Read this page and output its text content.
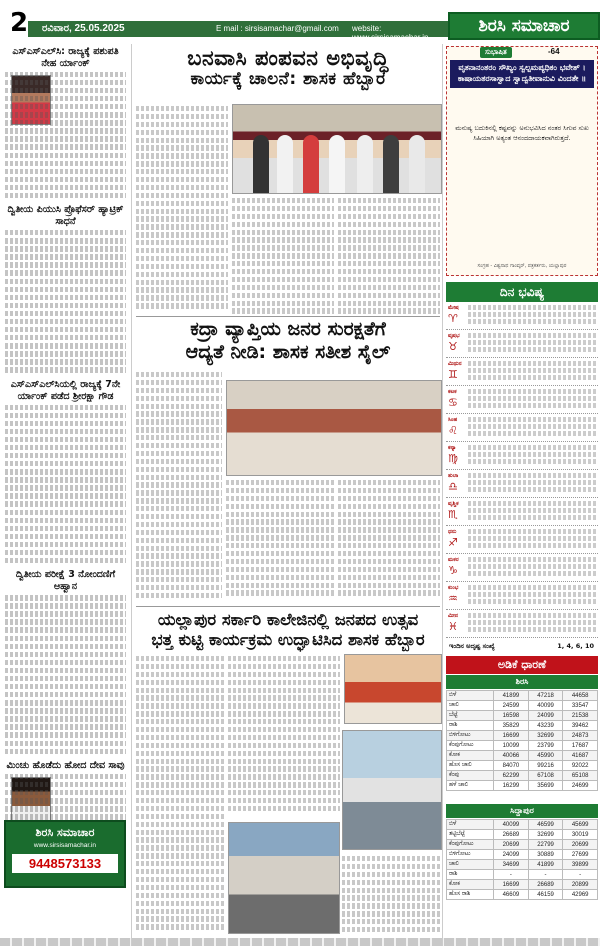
2 ರವಿವಾರ, 25.05.2025	E mail : sirsisamachar@gmail.com website: www.sirsisamachar.in
ಶಿರಸಿ ಸಮಾಚಾರ
ಎಸ್ಎಸ್ಎಲ್‌ಸಿ: ರಾಜ್ಯಕ್ಕೆ ಪಶುಪತಿ ನೇಹ ರ್ಯಾಂಕ್
ದ್ವಿತೀಯ ಪಿಯುಸಿ ಪ್ರೊಫೆಸರ್ ಹ್ಯಾಟ್ರಿಕ್ ಸಾಧನೆ
ಎಸ್ಎಸ್ಎಲ್‌ಸಿಯಲ್ಲಿ ರಾಜ್ಯಕ್ಕೆ 7ನೇ ರ್ಯಾಂಕ್ ಪಡೆದ ಶ್ರೀರಕ್ಷಾ ಗೌಡ
ದ್ವಿತೀಯ ಪರೀಕ್ಷೆ 3 ನೋಂದಣಿಗೆ ಆಹ್ವಾನ
ಮಿಂಚು ಹೊಡೆದು ಹೋದ ದೇವ ಸಾವು
ಶಿರಸಿ ಸಮಾಚಾರ
www.sirsisamachar.in
9448573133
ಬನವಾಸಿ ಪಂಪವನ ಅಭಿವೃದ್ಧಿ
ಕಾರ್ಯಕ್ಕೆ ಚಾಲನೆ: ಶಾಸಕ ಹೆಬ್ಬಾರ
ಕದ್ರಾ ವ್ಯಾಪ್ತಿಯ ಜನರ ಸುರಕ್ಷತೆಗೆ
ಆದ್ಯತೆ ನೀಡಿ: ಶಾಸಕ ಸತೀಶ ಸೈಲ್
ಯಲ್ಲಾಪುರ ಸರ್ಕಾರಿ ಕಾಲೇಜಿನಲ್ಲಿ ಜನಪದ ಉತ್ಸವ
ಭತ್ತ ಕುಟ್ಟಿ ಕಾರ್ಯಕ್ರಮ ಉದ್ಘಾಟಿಸಿದ ಶಾಸಕ ಹೆಬ್ಬಾರ
ಸುಭಾಷಿತ	-64
ವೃತನಾನಂತರಂ ಸೌಖ್ಯಂ ಸ್ವಲ್ಪಮಪ್ಯಧಿಕಂ ಭವೇತ್ । ಕಾಷಾಯತರಸಾಸ್ವಾದ ಸ್ವಾದ್ವತೀವಾನುವಿ ವಿಂದತೇ ॥
ಮನುಷ್ಯ ಬದುಕಿನಲ್ಲಿ ಕಷ್ಟವನ್ನು ಅನುಭವಿಸಿದ ನಂತರ ಸಿಗುವ ಸುಖ ಸಿಹಿಯಾಗಿ ಅತ್ಯಂತ ಆನಂದದಾಯಕವಾಗಿರುತ್ತದೆ.
ಸಂಗ್ರಹ - ವಿಶ್ವನಾಥ ಗಾಂವ್ಕರ್, ಪತ್ರಕರ್ತರು, ಯಲ್ಲಾಪುರ
ದಿನ ಭವಿಷ್ಯ
ಮೇಷ
♈
ವೃಷಭ
♉
ಮಿಥುನ
♊
ಕಟಕ
♋
ಸಿಂಹ
♌
ಕನ್ಯಾ
♍
ತುಲಾ
♎
ವೃಶ್ಚಿಕ
♏
ಧನು
♐
ಮಕರ
♑
ಕುಂಭ
♒
ಮೀನ
♓
ಇಂದಿನ ಅದೃಷ್ಟ ಸಂಖ್ಯೆ	1, 4, 6, 10
ಅಡಿಕೆ ಧಾರಣೆ
ಶಿರಸಿ
ಬಿಳೆ	41899	47218	44658
ಚಾಲಿ	24599	40099	33547
ಬೆಟ್ಟೆ	16598	24099	21538
ರಾಶಿ	35829	43239	39462
ಬಿಳಿಗೋಟು	16699	32699	24873
ಕೆಂಪುಗೋಟು	10099	23799	17687
ಕೋಕ	40066	45990	41687
ಹೊಸ ಚಾಲಿ	84070	99216	92022
ಕೆಂಪು	62299	67108	65108
ಹಳೆ ಚಾಲಿ	16299	35699	24699
ಸಿದ್ದಾಪುರ
ಬಿಳೆ	40099	46599	45699
ತಟ್ಟಿಬೆಟ್ಟೆ	26689	32699	30019
ಕೆಂಪುಗೋಟು	20699	22799	20699
ಬಿಳಿಗೋಟು	24099	30889	27699
ಚಾಲಿ	34699	41899	39899
ರಾಶಿ	-	-	-
ಕೋಕ	16699	26689	20899
ಹೊಸ ರಾಶಿ	46609	46159	42969
